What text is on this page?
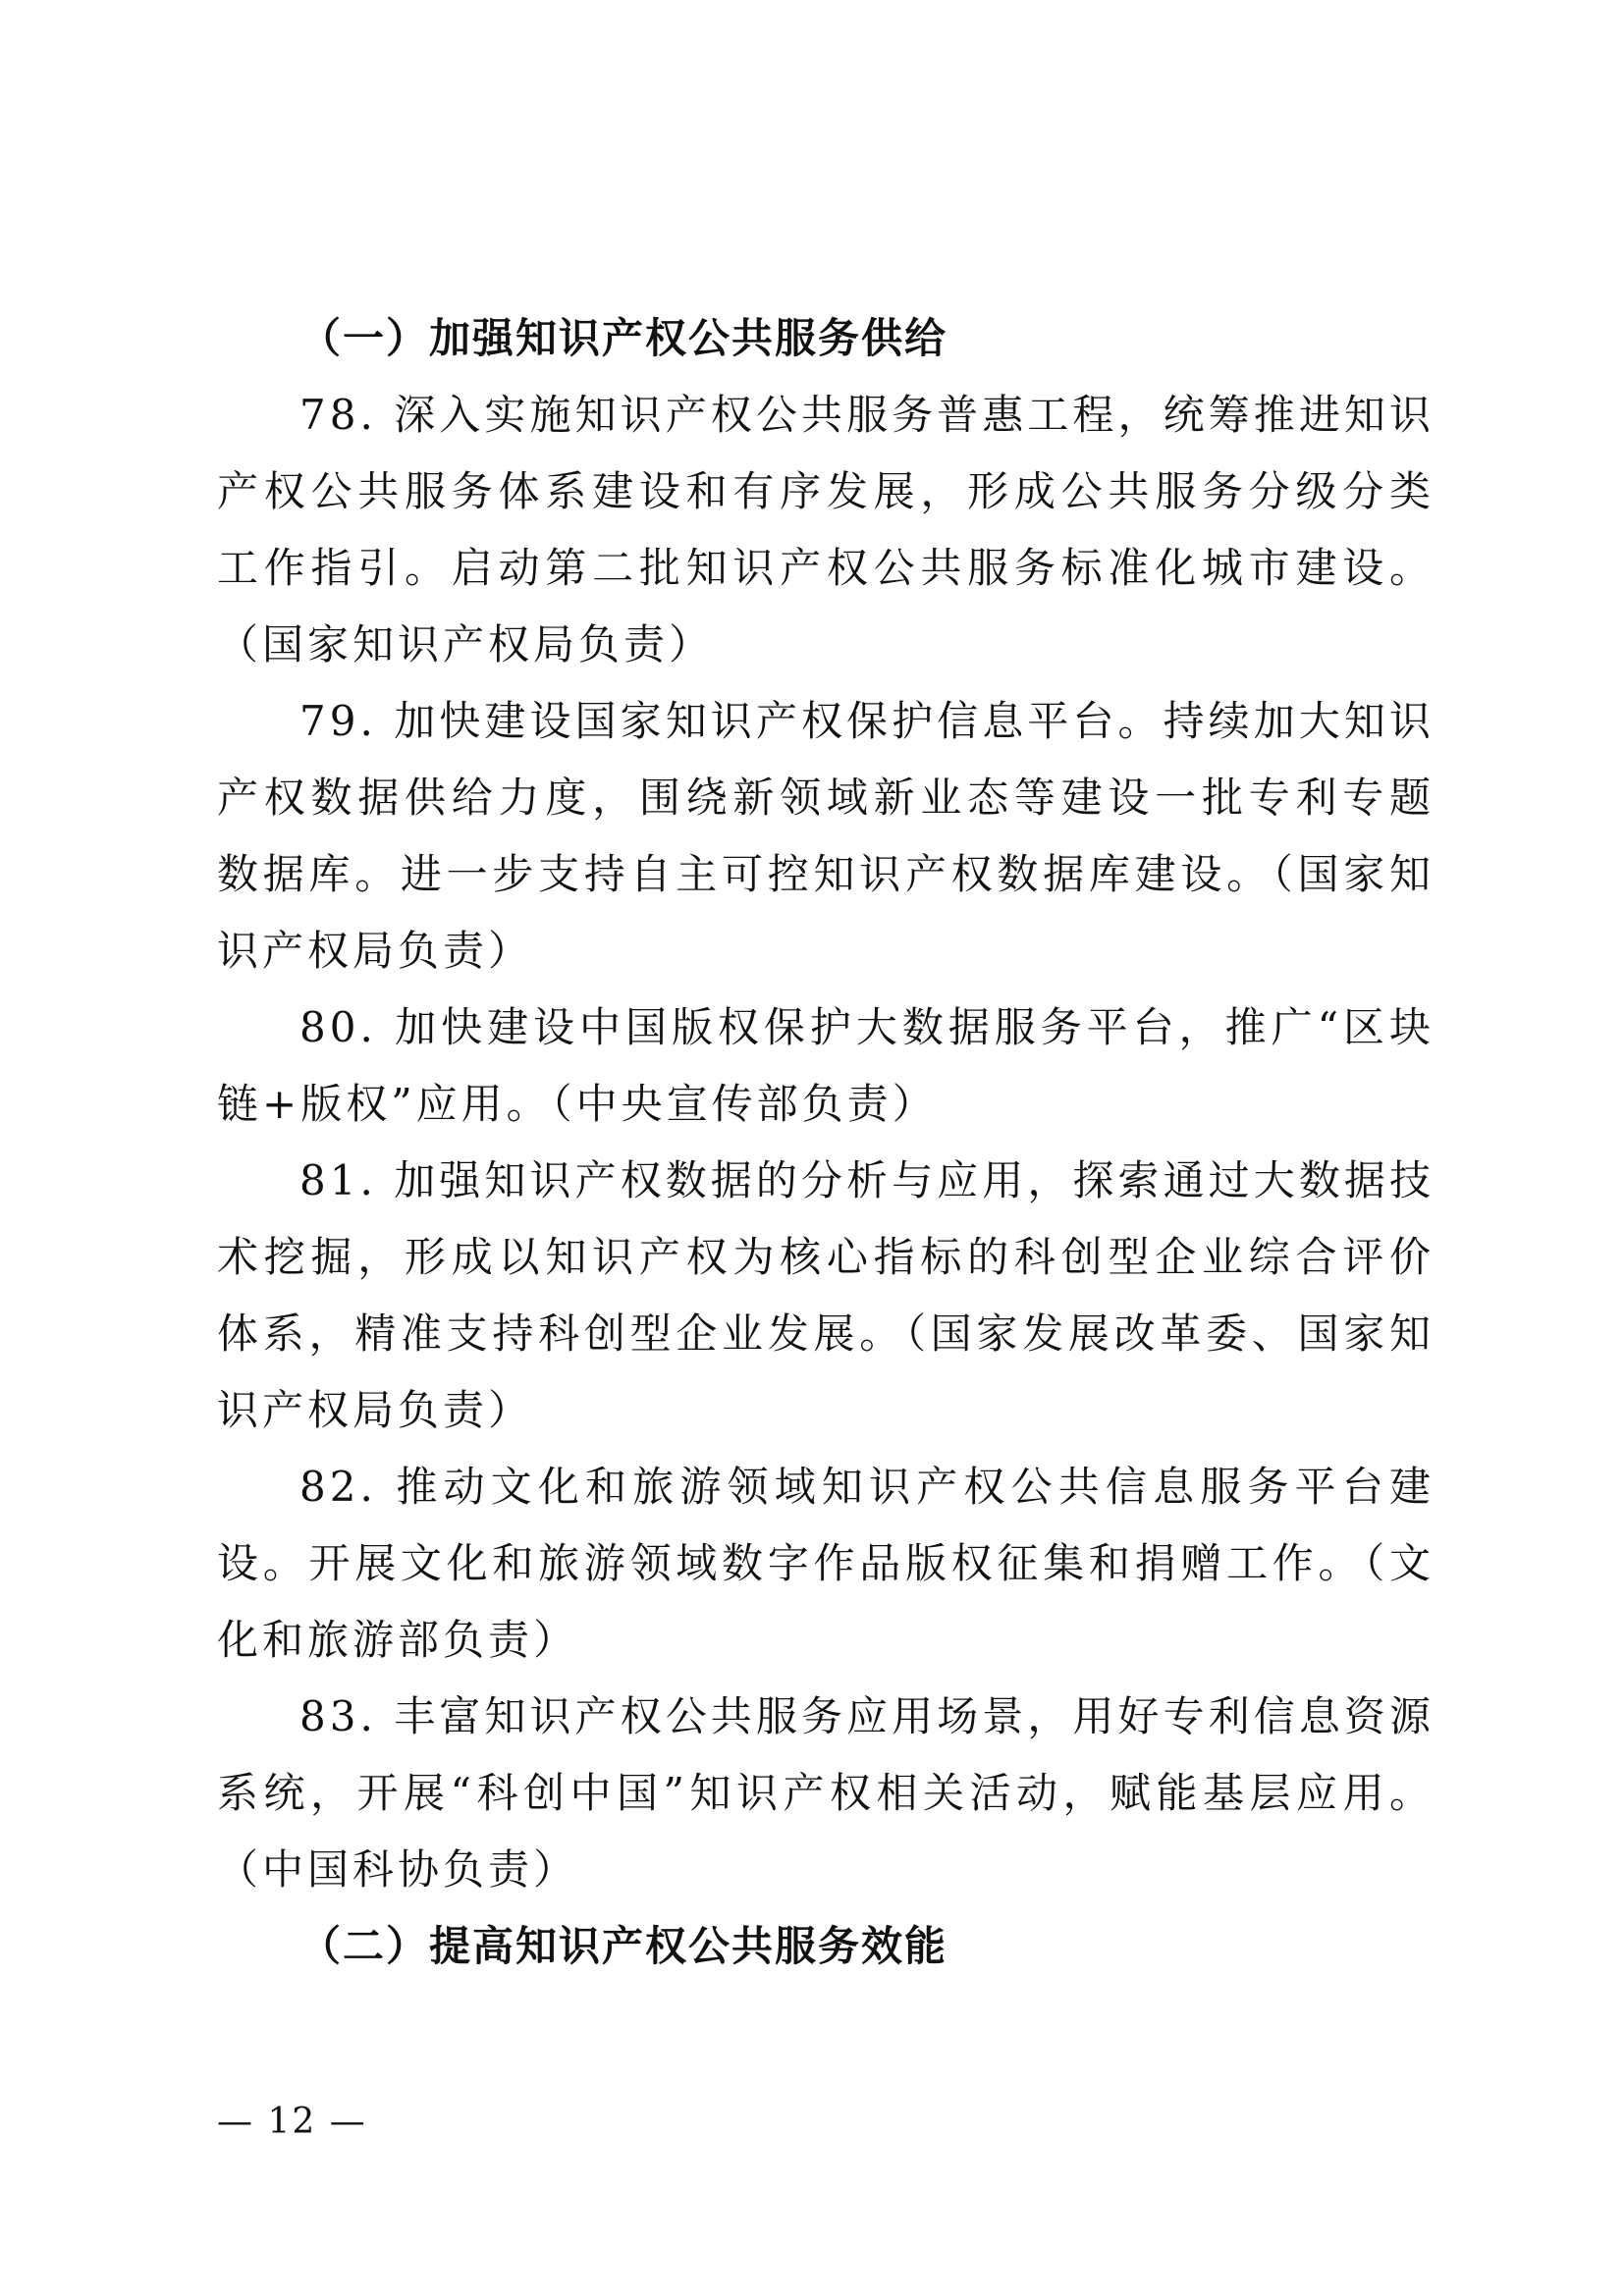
（一）加强知识产权公共服务供给

78. 深入实施知识产权公共服务普惠工程，统筹推进知识产权公共服务体系建设和有序发展，形成公共服务分级分类工作指引。启动第二批知识产权公共服务标准化城市建设。（国家知识产权局负责）

79. 加快建设国家知识产权保护信息平台。持续加大知识产权数据供给力度，围绕新领域新业态等建设一批专利专题数据库。进一步支持自主可控知识产权数据库建设。（国家知识产权局负责）

80. 加快建设中国版权保护大数据服务平台，推广“区块链+版权”应用。（中央宣传部负责）

81. 加强知识产权数据的分析与应用，探索通过大数据技术挖掘，形成以知识产权为核心指标的科创型企业综合评价体系，精准支持科创型企业发展。（国家发展改革委、国家知识产权局负责）

82. 推动文化和旅游领域知识产权公共信息服务平台建设。开展文化和旅游领域数字作品版权征集和捐赠工作。（文化和旅游部负责）

83. 丰富知识产权公共服务应用场景，用好专利信息资源系统，开展“科创中国”知识产权相关活动，赋能基层应用。（中国科协负责）

（二）提高知识产权公共服务效能
— 12 —
